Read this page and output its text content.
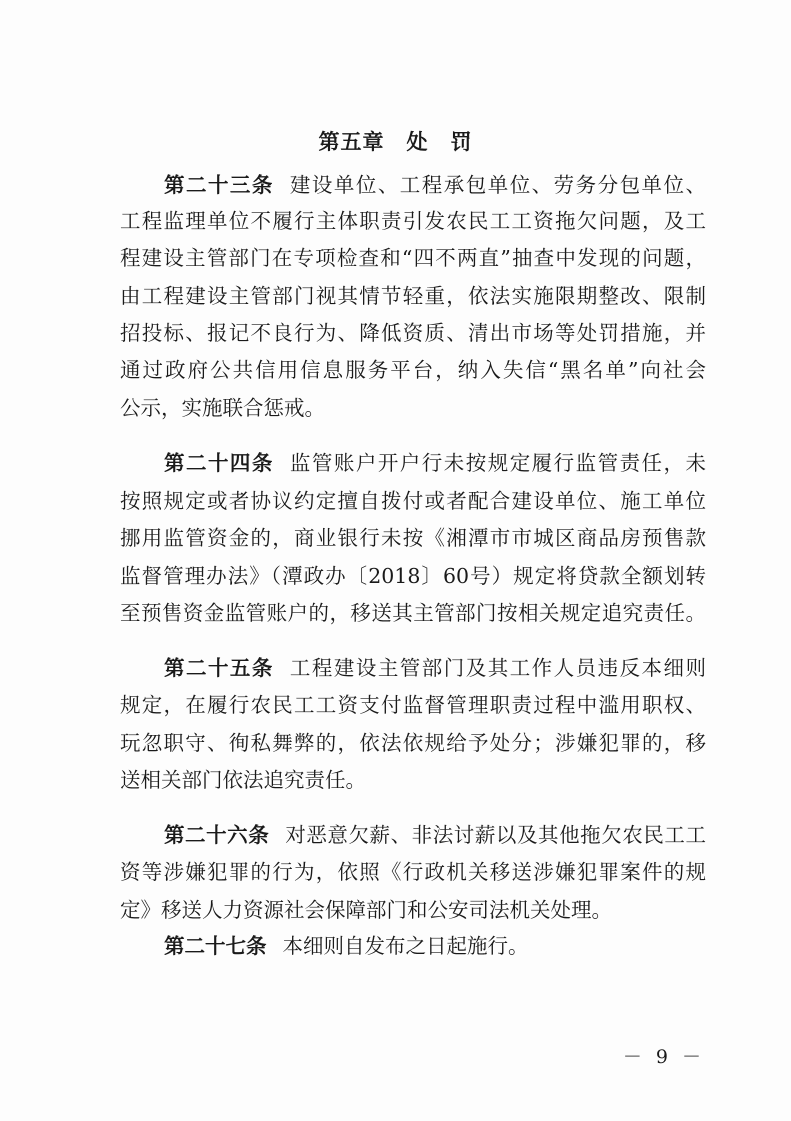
第五章　处　罚
第二十三条 建设单位、工程承包单位、劳务分包单位、
工程监理单位不履行主体职责引发农民工工资拖欠问题，及工
程建设主管部门在专项检查和“四不两直”抽查中发现的问题，
由工程建设主管部门视其情节轻重，依法实施限期整改、限制
招投标、报记不良行为、降低资质、清出市场等处罚措施，并
通过政府公共信用信息服务平台，纳入失信“黑名单”向社会
公示，实施联合惩戒。
第二十四条 监管账户开户行未按规定履行监管责任，未
按照规定或者协议约定擅自拨付或者配合建设单位、施工单位
挪用监管资金的，商业银行未按《湘潭市市城区商品房预售款
监督管理办法》（潭政办〔2018〕60号）规定将贷款全额划转
至预售资金监管账户的，移送其主管部门按相关规定追究责任。
第二十五条 工程建设主管部门及其工作人员违反本细则
规定，在履行农民工工资支付监督管理职责过程中滥用职权、
玩忽职守、徇私舞弊的，依法依规给予处分；涉嫌犯罪的，移
送相关部门依法追究责任。
第二十六条 对恶意欠薪、非法讨薪以及其他拖欠农民工工
资等涉嫌犯罪的行为，依照《行政机关移送涉嫌犯罪案件的规
定》移送人力资源社会保障部门和公安司法机关处理。
第二十七条 本细则自发布之日起施行。
－ 9 －
